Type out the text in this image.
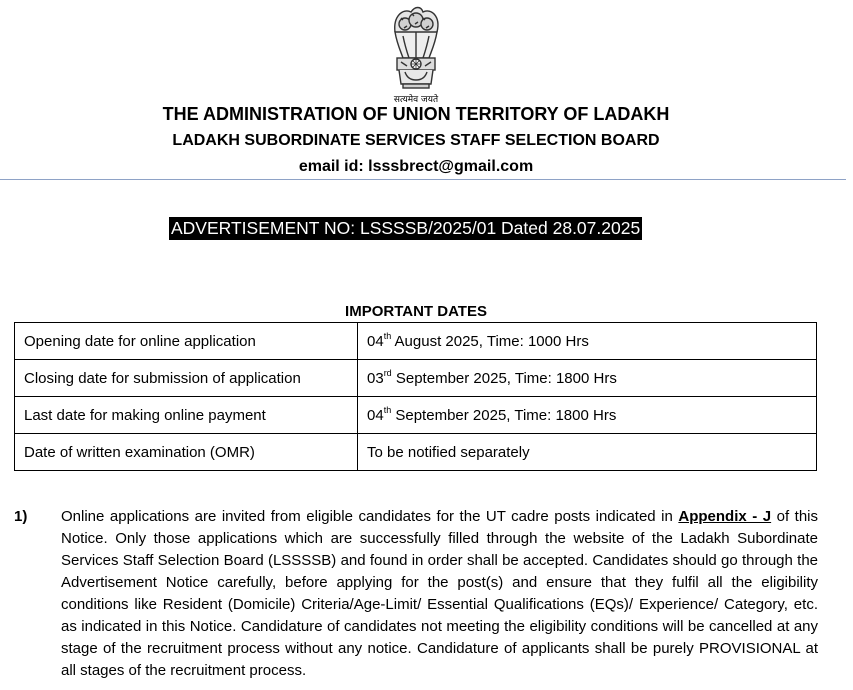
सत्यमेव जयते
THE ADMINISTRATION OF UNION TERRITORY OF LADAKH
LADAKH SUBORDINATE SERVICES STAFF SELECTION BOARD
email id: lsssbrect@gmail.com
ADVERTISEMENT NO: LSSSSB/2025/01 Dated 28.07.2025
IMPORTANT DATES
Opening date for online application	04th August 2025, Time: 1000 Hrs
Closing date for submission of application	03rd September 2025, Time: 1800 Hrs
Last date for making online payment	04th September 2025, Time: 1800 Hrs
Date of written examination (OMR)	To be notified separately
1) Online applications are invited from eligible candidates for the UT cadre posts indicated in Appendix - J of this Notice. Only those applications which are successfully filled through the website of the Ladakh Subordinate Services Staff Selection Board (LSSSSB) and found in order shall be accepted. Candidates should go through the Advertisement Notice carefully, before applying for the post(s) and ensure that they fulfil all the eligibility conditions like Resident (Domicile) Criteria/Age-Limit/ Essential Qualifications (EQs)/ Experience/ Category, etc. as indicated in this Notice. Candidature of candidates not meeting the eligibility conditions will be cancelled at any stage of the recruitment process without any notice. Candidature of applicants shall be purely PROVISIONAL at all stages of the recruitment process.
